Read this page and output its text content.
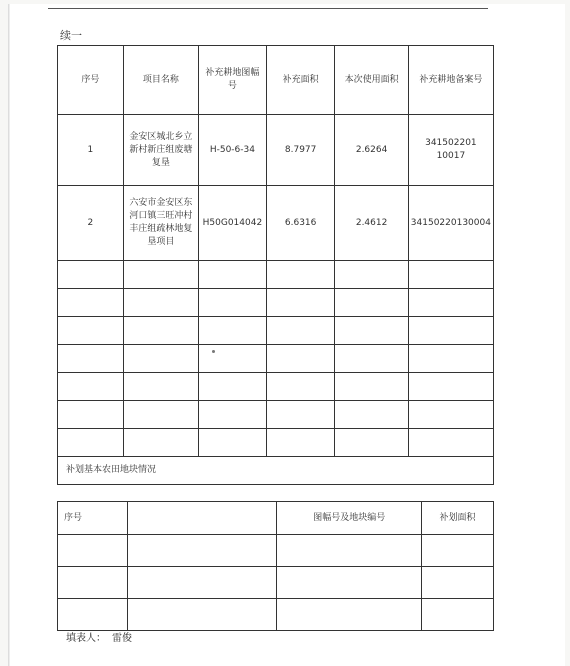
续一
序号	项目名称	补充耕地图幅号	补充面积	本次使用面积	补充耕地备案号
1	金安区城北乡立新村新庄组废塘复垦	H-50-6-34	8.7977	2.6264	341502201 10017
2	六安市金安区东河口镇三旺冲村丰庄组疏林地复垦项目	H50G014042	6.6316	2.4612	34150220130004

补划基本农田地块情况					
序号		图幅号及地块编号	补划面积

填表人： 雷俊
